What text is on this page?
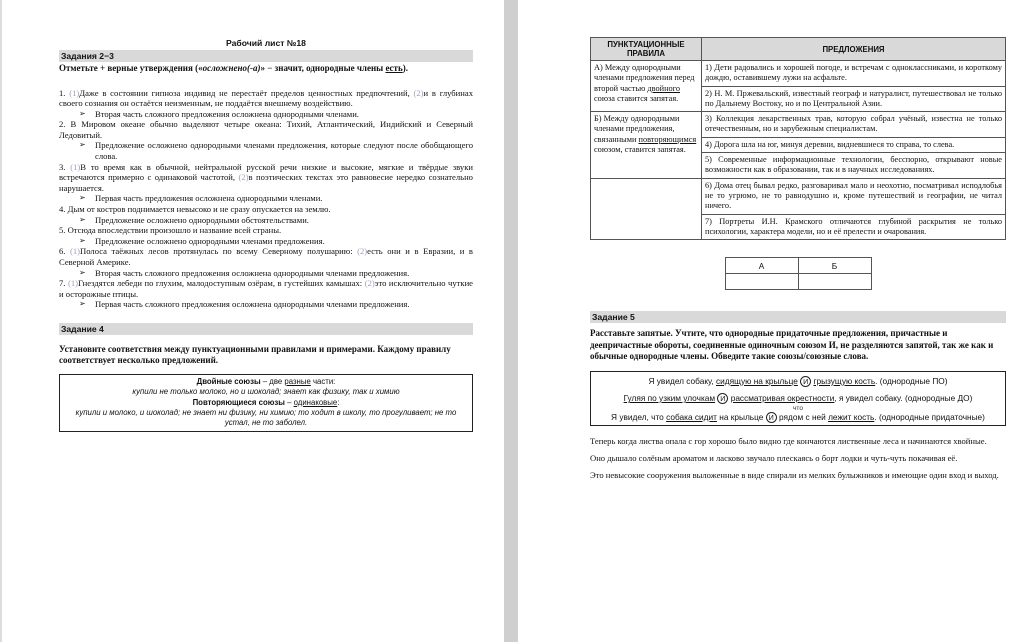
Рабочий лист №18
Задания 2−3
Отметьте + верные утверждения («осложнено(-а)» − значит, однородные члены есть).

1. (1)Даже в состоянии гипноза индивид не перестаёт пределов ценностных предпочтений, (2)и в глубинах своего сознания он остаётся неизменным, не поддаётся внешнему воздействию.

➢ Вторая часть сложного предложения осложнена однородными членами.

2. В Мировом океане обычно выделяют четыре океана: Тихий, Атлантический, Индийский и Северный Ледовитый.

➢ Предложение осложнено однородными членами предложения, которые следуют после обобщающего слова.

3. (1)В то время как в обычной, нейтральной русской речи низкие и высокие, мягкие и твёрдые звуки встречаются примерно с одинаковой частотой, (2)в поэтических текстах это равновесие нередко сознательно нарушается.

➢ Первая часть предложения осложнена однородными членами.

4. Дым от костров поднимается невысоко и не сразу опускается на землю.

➢ Предложение осложнено однородными обстоятельствами.

5. Отсюда впоследствии произошло и название всей страны.

➢ Предложение осложнено однородными членами предложения.

6. (1)Полоса таёжных лесов протянулась по всему Северному полушарию: (2)есть они и в Евразии, и в Северной Америке.

➢ Вторая часть сложного предложения осложнена однородными членами предложения.

7. (1)Гнездятся лебеди по глухим, малодоступным озёрам, в густейших камышах: (2)это исключительно чуткие и осторожные птицы.

➢ Первая часть сложного предложения осложнена однородными членами предложения.

Задание 4
Установите соответствия между пунктуационными правилами и примерами. Каждому правилу соответствует несколько предложений.
Двойные союзы – две разные части:
купили не только молоко, но и шоколад; знает как физику, так и химию
Повторяющиеся союзы – одинаковые:
купили и молоко, и шоколад; не знает ни физику, ни химию; то ходит в школу, то прогуливает; не то устал, не то заболел.
ПУНКТУАЦИОННЫЕ ПРАВИЛА	ПРЕДЛОЖЕНИЯ
А) Между однородными членами предложения перед второй частью двойного союза ставится запятая.	1) Дети радовались и хорошей погоде, и встречам с одноклассниками, и короткому дождю, оставившему лужи на асфальте.
	2) Н. М. Пржевальский, известный географ и натуралист, путешествовал не только по Дальнему Востоку, но и по Центральной Азии.
Б) Между однородными членами предложения, связанными повторяющимся союзом, ставится запятая.	3) Коллекция лекарственных трав, которую собрал учёный, известна не только отечественным, но и зарубежным специалистам.
	4) Дорога шла на юг, минуя деревни, видневшиеся то справа, то слева.
	5) Современные информационные технологии, бесспорно, открывают новые возможности как в образовании, так и в научных исследованиях.
	6) Дома отец бывал редко, разговаривал мало и неохотно, посматривал исподлобья не то угрюмо, не то равнодушно и, кроме путешествий и географии, не читал ничего.
	7) Портреты И.Н. Крамского отличаются глубиной раскрытия не только психологии, характера модели, но и её прелести и очарования.
А	Б

Задание 5
Расставьте запятые. Учтите, что однородные придаточные предложения, причастные и деепричастные обороты, соединенные одиночным союзом И, не разделяются запятой, так же как и обычные однородные члены. Обведите такие союзы/союзные слова.
Я увидел собаку, сидящую на крыльце И грызущую кость. (однородные ПО)
Гуляя по узким улочкам И рассматривая окрестности, я увидел собаку. (однородные ДО)
что
Я увидел, что собака сидит на крыльце И рядом с ней лежит кость. (однородные придаточные)

Теперь когда листва опала с гор хорошо было видно где кончаются лиственные леса и начинаются хвойные.

Оно дышало солёным ароматом и ласково звучало плескаясь о борт лодки и чуть-чуть покачивая её.

Это невысокие сооружения выложенные в виде спирали из мелких булыжников и имеющие один вход и выход.
